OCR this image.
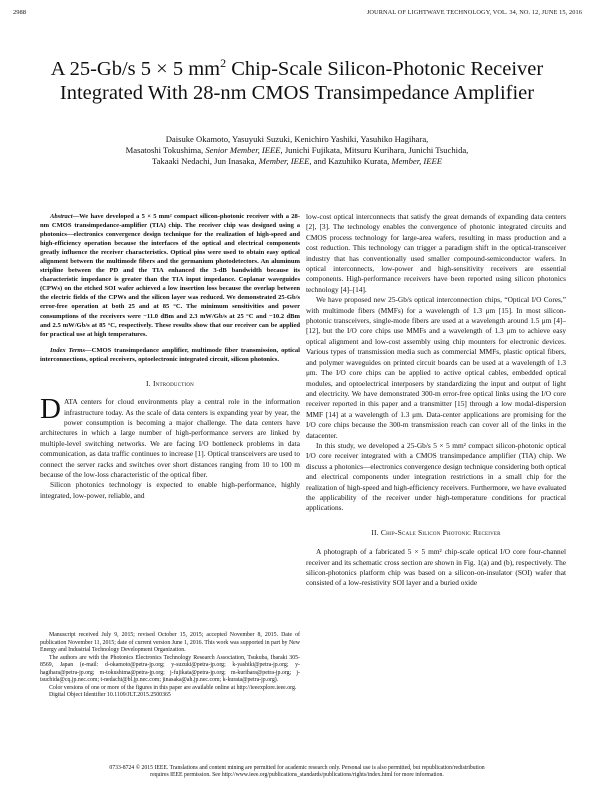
2988	JOURNAL OF LIGHTWAVE TECHNOLOGY, VOL. 34, NO. 12, JUNE 15, 2016
A 25-Gb/s 5 × 5 $mm^2$ Chip-Scale Silicon-Photonic Receiver Integrated With 28-nm CMOS Transimpedance Amplifier
Daisuke Okamoto, Yasuyuki Suzuki, Kenichiro Yashiki, Yasuhiko Hagihara,
Masatoshi Tokushima, Senior Member, IEEE, Junichi Fujikata, Mitsuru Kurihara, Junichi Tsuchida,
Takaaki Nedachi, Jun Inasaka, Member, IEEE, and Kazuhiko Kurata, Member, IEEE

Abstract—We have developed a 5 × 5 mm² compact silicon-photonic receiver with a 28-nm CMOS transimpedance-amplifier (TIA) chip. The receiver chip was designed using a photonics—electronics convergence design technique for the realization of high-speed and high-efficiency operation because the interfaces of the optical and electrical components greatly influence the receiver characteristics. Optical pins were used to obtain easy optical alignment between the multimode fibers and the germanium photodetectors. An aluminum stripline between the PD and the TIA enhanced the 3-dB bandwidth because its characteristic impedance is greater than the TIA input impedance. Coplanar waveguides (CPWs) on the etched SOI wafer achieved a low insertion loss because the overlap between the electric fields of the CPWs and the silicon layer was reduced. We demonstrated 25-Gb/s error-free operation at both 25 and at 85 °C. The minimum sensitivities and power consumptions of the receivers were −11.0 dBm and 2.3 mW/Gb/s at 25 °C and −10.2 dBm and 2.5 mW/Gb/s at 85 °C, respectively. These results show that our receiver can be applied for practical use at high temperatures.

Index Terms—CMOS transimpedance amplifier, multimode fiber transmission, optical interconnections, optical receivers, optoelectronic integrated circuit, silicon photonics.

I. Introduction

DATA centers for cloud environments play a central role in the information infrastructure today. As the scale of data centers is expanding year by year, the power consumption is becoming a major challenge. The data centers have architectures in which a large number of high-performance servers are linked by multiple-level switching networks. We are facing I/O bottleneck problems in data communication, as data traffic continues to increase [1]. Optical transceivers are used to connect the server racks and switches over short distances ranging from 10 to 100 m because of the low-loss characteristic of the optical fiber.

Silicon photonics technology is expected to enable high-performance, highly integrated, low-power, reliable, and

Manuscript received July 9, 2015; revised October 15, 2015; accepted November 8, 2015. Date of publication November 11, 2015; date of current version June 1, 2016. This work was supported in part by New Energy and Industrial Technology Development Organization.

The authors are with the Photonics Electronics Technology Research Association, Tsukuba, Ibaraki 305-8569, Japan (e-mail: d-okamoto@petra-jp.org; y-suzuki@petra-jp.org; k-yashiki@petra-jp.org; y-hagihara@petra-jp.org; m-tokushima@petra-jp.org; j-fujikata@petra-jp.org; m-kurihara@petra-jp.org; j-tsuchida@cq.jp.nec.com; t-nedachi@bl.jp.nec.com; jinasaka@ah.jp.nec.com; k-kurata@petra-jp.org).

Color versions of one or more of the figures in this paper are available online at http://ieeexplore.ieee.org.

Digital Object Identifier 10.1109/JLT.2015.2500365

low-cost optical interconnects that satisfy the great demands of expanding data centers [2], [3]. The technology enables the convergence of photonic integrated circuits and CMOS process technology for large-area wafers, resulting in mass production and a cost reduction. This technology can trigger a paradigm shift in the optical-transceiver industry that has conventionally used smaller compound-semiconductor wafers. In optical interconnects, low-power and high-sensitivity receivers are essential components. High-performance receivers have been reported using silicon photonics technology [4]–[14].

We have proposed new 25-Gb/s optical interconnection chips, “Optical I/O Cores,” with multimode fibers (MMFs) for a wavelength of 1.3 μm [15]. In most silicon-photonic transceivers, single-mode fibers are used at a wavelength around 1.5 μm [4]–[12], but the I/O core chips use MMFs and a wavelength of 1.3 μm to achieve easy optical alignment and low-cost assembly using chip mounters for electronic devices. Various types of transmission media such as commercial MMFs, plastic optical fibers, and polymer waveguides on printed circuit boards can be used at a wavelength of 1.3 μm. The I/O core chips can be applied to active optical cables, embedded optical modules, and optoelectrical interposers by standardizing the input and output of light and electricity. We have demonstrated 300-m error-free optical links using the I/O core receiver reported in this paper and a transmitter [15] through a low modal-dispersion MMF [14] at a wavelength of 1.3 μm. Data-center applications are promising for the I/O core chips because the 300-m transmission reach can cover all of the links in the datacenter.

In this study, we developed a 25-Gb/s 5 × 5 mm² compact silicon-photonic optical I/O core receiver integrated with a CMOS transimpedance amplifier (TIA) chip. We discuss a photonics—electronics convergence design technique considering both optical and electrical components under integration restrictions in a small chip for the realization of high-speed and high-efficiency receivers. Furthermore, we have evaluated the applicability of the receiver under high-temperature conditions for practical applications.

II. Chip-Scale Silicon Photonic Receiver

A photograph of a fabricated 5 × 5 mm² chip-scale optical I/O core four-channel receiver and its schematic cross section are shown in Fig. 1(a) and (b), respectively. The silicon-photonics platform chip was based on a silicon-on-insulator (SOI) wafer that consisted of a low-resistivity SOI layer and a buried oxide

0733-8724 © 2015 IEEE. Translations and content mining are permitted for academic research only. Personal use is also permitted, but republication/redistribution
requires IEEE permission. See http://www.ieee.org/publications_standards/publications/rights/index.html for more information.
